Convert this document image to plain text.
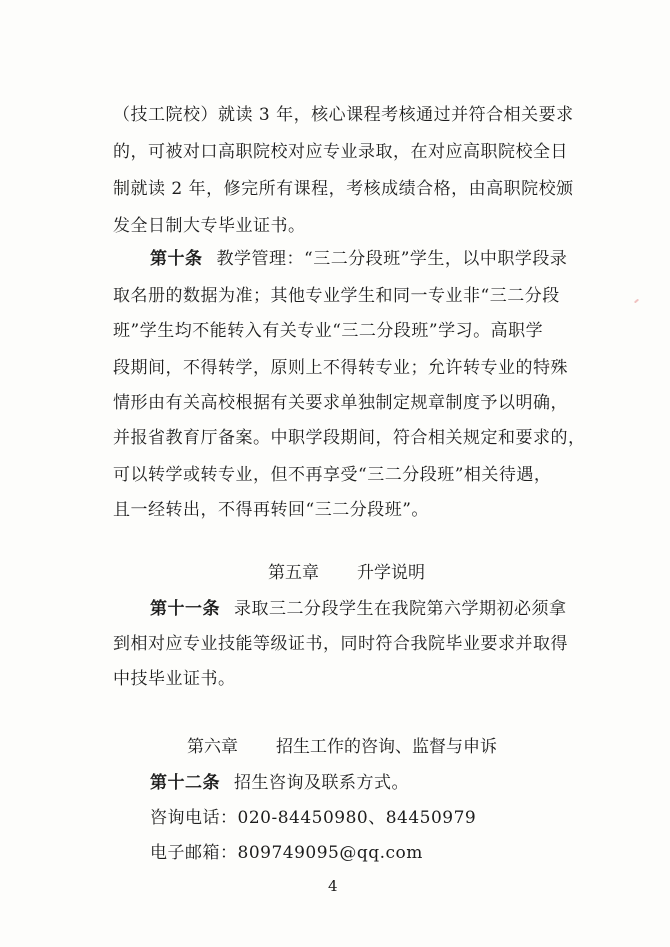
（技工院校）就读 3 年，核心课程考核通过并符合相关要求
的，可被对口高职院校对应专业录取，在对应高职院校全日
制就读 2 年，修完所有课程，考核成绩合格，由高职院校颁
发全日制大专毕业证书。
第十条 教学管理：“三二分段班”学生，以中职学段录
取名册的数据为准；其他专业学生和同一专业非“三二分段
班”学生均不能转入有关专业“三二分段班”学习。高职学
段期间，不得转学，原则上不得转专业；允许转专业的特殊
情形由有关高校根据有关要求单独制定规章制度予以明确，
并报省教育厅备案。中职学段期间，符合相关规定和要求的，
可以转学或转专业，但不再享受“三二分段班”相关待遇，
且一经转出，不得再转回“三二分段班”。
第五章 升学说明
第十一条 录取三二分段学生在我院第六学期初必须拿
到相对应专业技能等级证书，同时符合我院毕业要求并取得
中技毕业证书。
第六章 招生工作的咨询、监督与申诉
第十二条 招生咨询及联系方式。
咨询电话：020-84450980、84450979
电子邮箱：809749095@qq.com
4
